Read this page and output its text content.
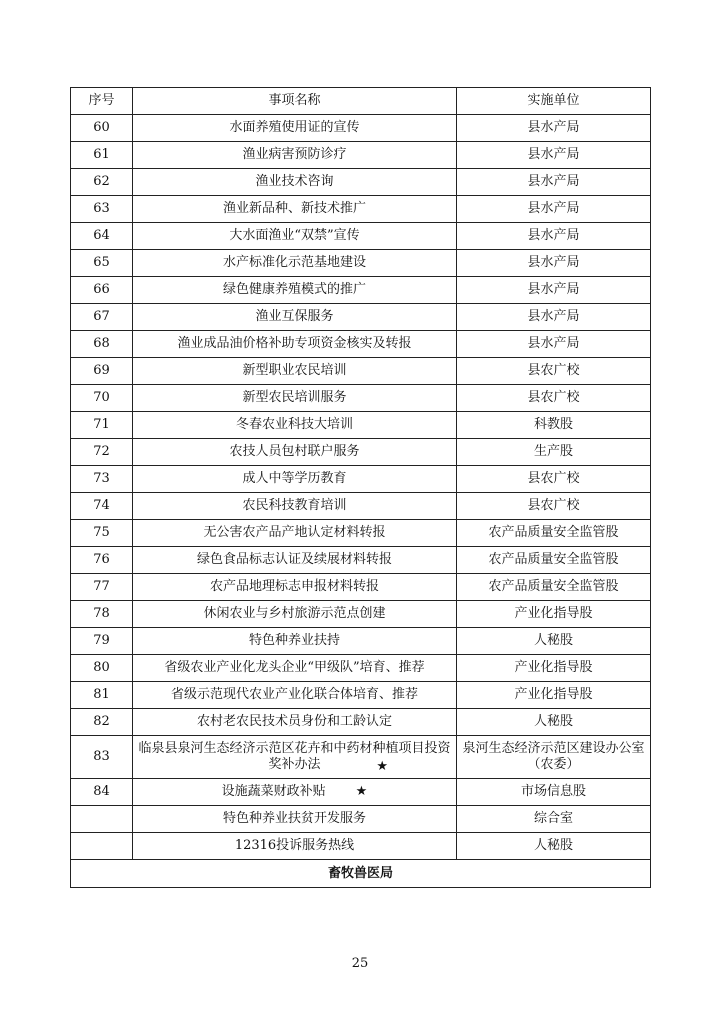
序号	事项名称	实施单位
60	水面养殖使用证的宣传	县水产局
61	渔业病害预防诊疗	县水产局
62	渔业技术咨询	县水产局
63	渔业新品种、新技术推广	县水产局
64	大水面渔业“双禁”宣传	县水产局
65	水产标准化示范基地建设	县水产局
66	绿色健康养殖模式的推广	县水产局
67	渔业互保服务	县水产局
68	渔业成品油价格补助专项资金核实及转报	县水产局
69	新型职业农民培训	县农广校
70	新型农民培训服务	县农广校
71	冬春农业科技大培训	科教股
72	农技人员包村联户服务	生产股
73	成人中等学历教育	县农广校
74	农民科技教育培训	县农广校
75	无公害农产品产地认定材料转报	农产品质量安全监管股
76	绿色食品标志认证及续展材料转报	农产品质量安全监管股
77	农产品地理标志申报材料转报	农产品质量安全监管股
78	休闲农业与乡村旅游示范点创建	产业化指导股
79	特色种养业扶持	人秘股
80	省级农业产业化龙头企业“甲级队”培育、推荐	产业化指导股
81	省级示范现代农业产业化联合体培育、推荐	产业化指导股
82	农村老农民技术员身份和工龄认定	人秘股
83	临泉县泉河生态经济示范区花卉和中药材种植项目投资奖补办法 ★	泉河生态经济示范区建设办公室（农委）
84	设施蔬菜财政补贴 ★	市场信息股
	特色种养业扶贫开发服务	综合室
	12316投诉服务热线	人秘股
畜牧兽医局		
25
